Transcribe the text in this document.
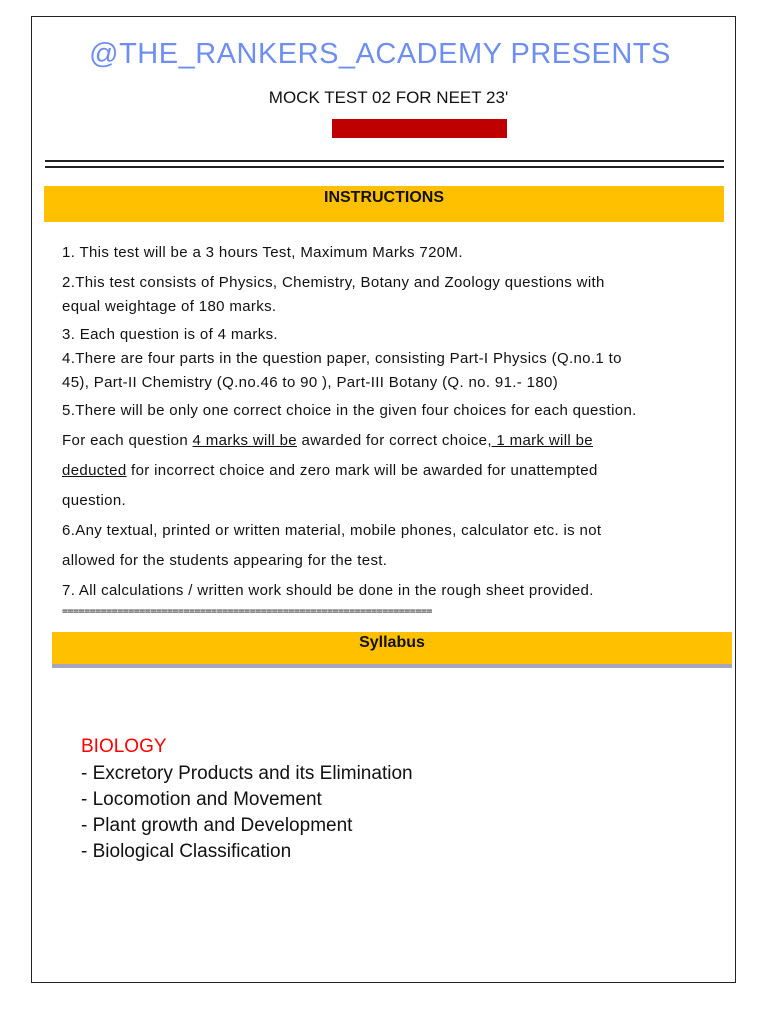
@THE_RANKERS_ACADEMY PRESENTS
MOCK TEST 02 FOR NEET 23'
INSTRUCTIONS
1. This test will be a 3 hours Test, Maximum Marks 720M.
2.This test consists of Physics, Chemistry, Botany and Zoology questions with
equal weightage of 180 marks.
3. Each question is of 4 marks.
4.There are four parts in the question paper, consisting Part-I Physics (Q.no.1 to
45), Part-II Chemistry (Q.no.46 to 90 ), Part-III Botany (Q. no. 91.- 180)
5.There will be only one correct choice in the given four choices for each question.
For each question 4 marks will be awarded for correct choice, 1 mark will be
deducted for incorrect choice and zero mark will be awarded for unattempted
question.
6.Any textual, printed or written material, mobile phones, calculator etc. is not
allowed for the students appearing for the test.
7. All calculations / written work should be done in the rough sheet provided.
===================================================================
Syllabus
BIOLOGY
- Excretory Products and its Elimination
- Locomotion and Movement
- Plant growth and Development
- Biological Classification
